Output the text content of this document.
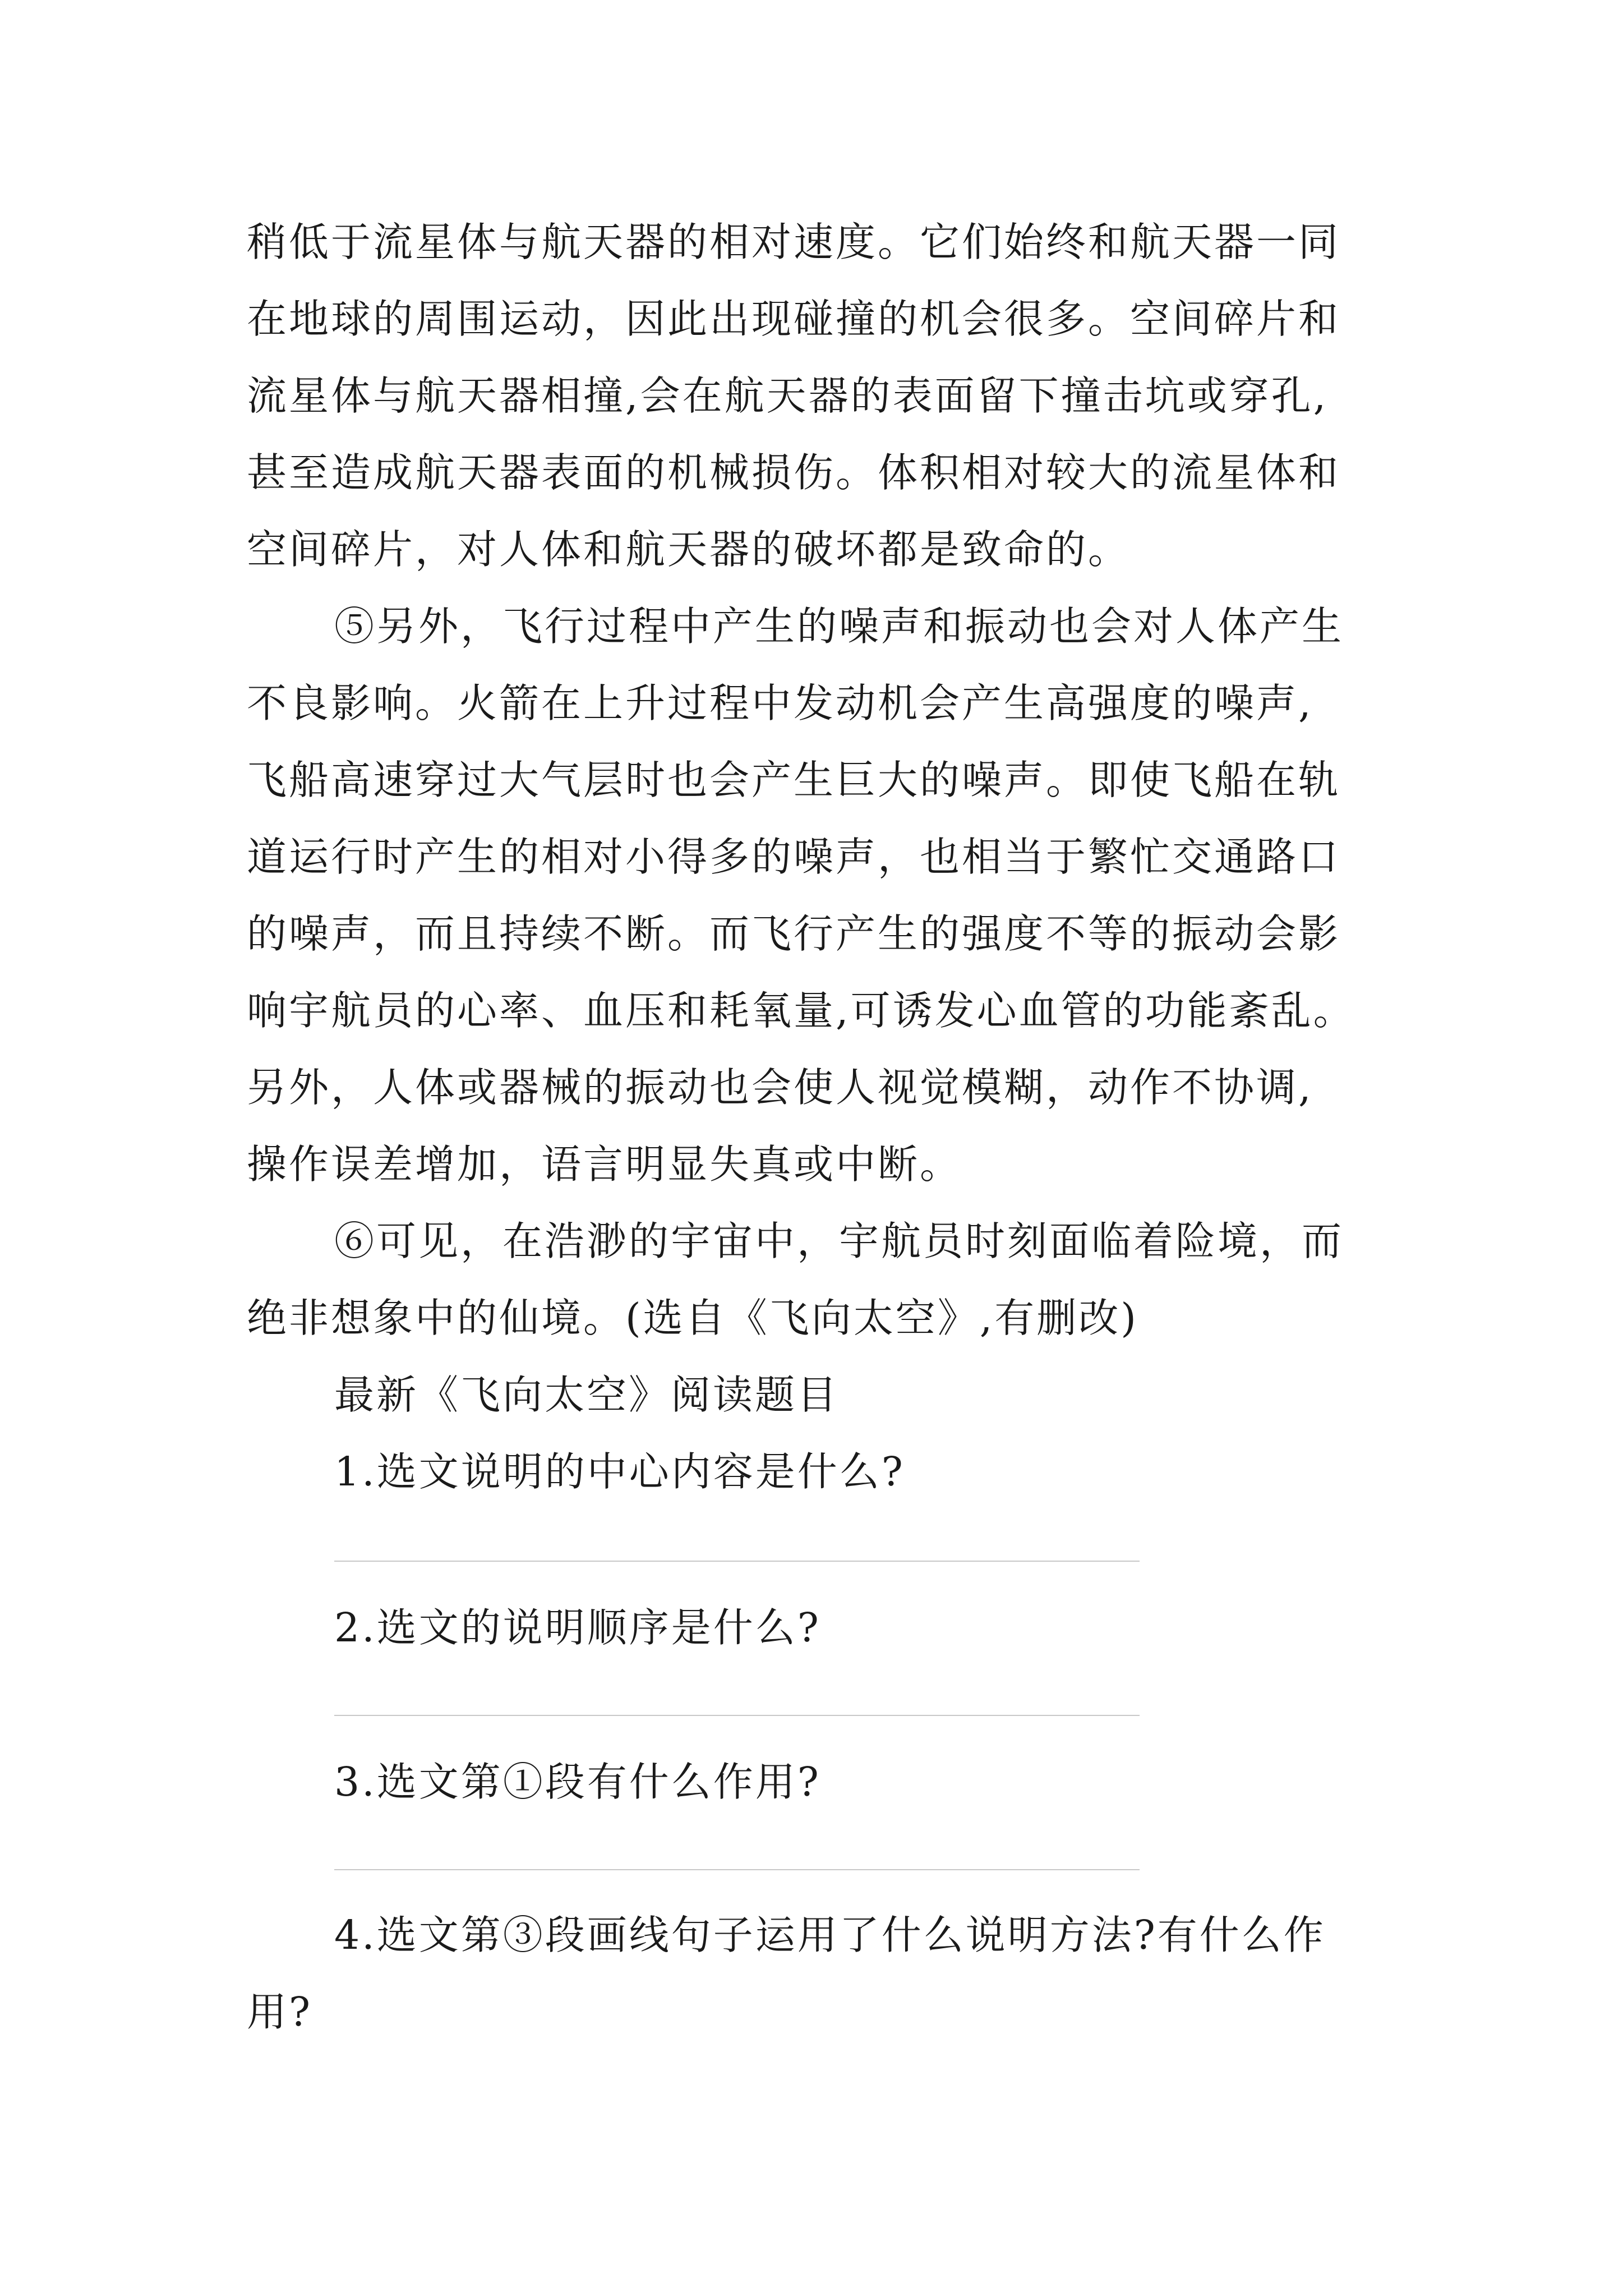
稍低于流星体与航天器的相对速度。它们始终和航天器一同
在地球的周围运动，因此出现碰撞的机会很多。空间碎片和
流星体与航天器相撞,会在航天器的表面留下撞击坑或穿孔,
甚至造成航天器表面的机械损伤。体积相对较大的流星体和
空间碎片，对人体和航天器的破坏都是致命的。
⑤另外，飞行过程中产生的噪声和振动也会对人体产生
不良影响。火箭在上升过程中发动机会产生高强度的噪声,
飞船高速穿过大气层时也会产生巨大的噪声。即使飞船在轨
道运行时产生的相对小得多的噪声，也相当于繁忙交通路口
的噪声，而且持续不断。而飞行产生的强度不等的振动会影
响宇航员的心率、血压和耗氧量,可诱发心血管的功能紊乱。
另外，人体或器械的振动也会使人视觉模糊，动作不协调,
操作误差增加，语言明显失真或中断。
⑥可见，在浩渺的宇宙中，宇航员时刻面临着险境，而
绝非想象中的仙境。(选自《飞向太空》,有删改)
最新《飞向太空》阅读题目
1.选文说明的中心内容是什么?
2.选文的说明顺序是什么?
3.选文第①段有什么作用?
4.选文第③段画线句子运用了什么说明方法?有什么作
用?
